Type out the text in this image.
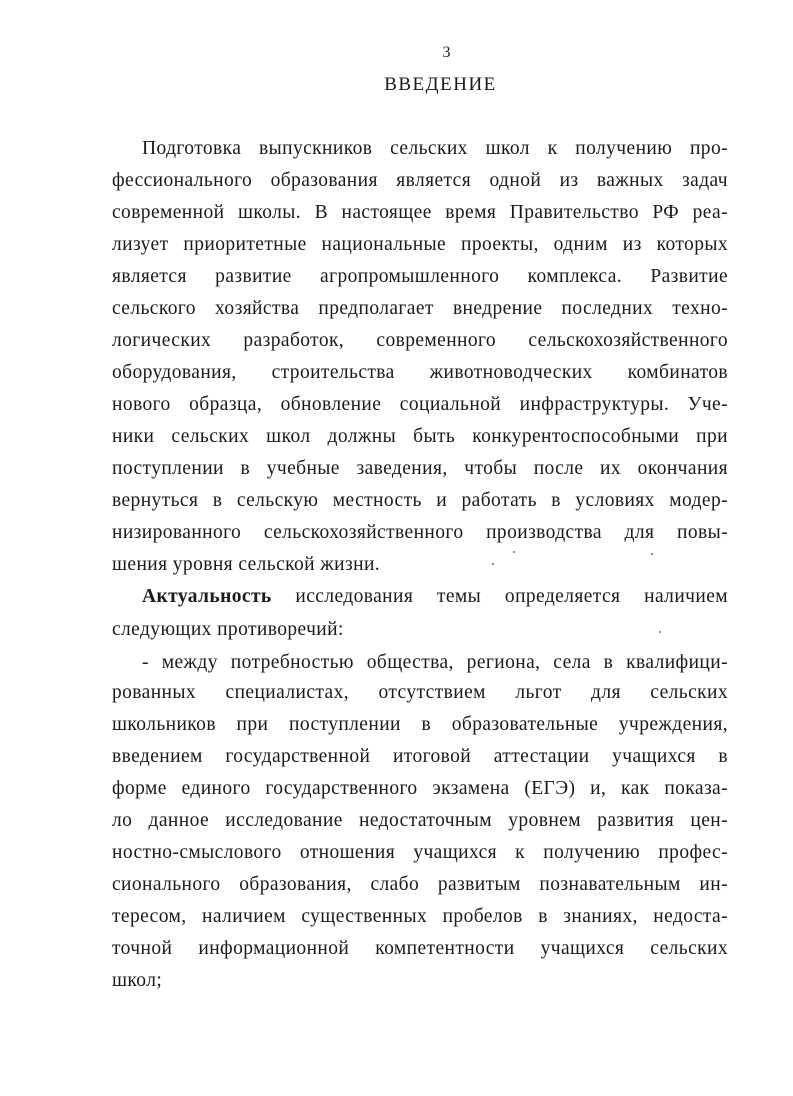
3
ВВЕДЕНИЕ
Подготовка выпускников сельских школ к получению про-
фессионального образования является одной из важных задач
современной школы. В настоящее время Правительство РФ реа-
лизует приоритетные национальные проекты, одним из которых
является развитие агропромышленного комплекса. Развитие
сельского хозяйства предполагает внедрение последних техно-
логических разработок, современного сельскохозяйственного
оборудования, строительства животноводческих комбинатов
нового образца, обновление социальной инфраструктуры. Уче-
ники сельских школ должны быть конкурентоспособными при
поступлении в учебные заведения, чтобы после их окончания
вернуться в сельскую местность и работать в условиях модер-
низированного сельскохозяйственного производства для повы-
шения уровня сельской жизни.
Актуальность исследования темы определяется наличием
следующих противоречий:
- между потребностью общества, региона, села в квалифици-
рованных специалистах, отсутствием льгот для сельских
школьников при поступлении в образовательные учреждения,
введением государственной итоговой аттестации учащихся в
форме единого государственного экзамена (ЕГЭ) и, как показа-
ло данное исследование недостаточным уровнем развития цен-
ностно-смыслового отношения учащихся к получению профес-
сионального образования, слабо развитым познавательным ин-
тересом, наличием существенных пробелов в знаниях, недоста-
точной информационной компетентности учащихся сельских
школ;
